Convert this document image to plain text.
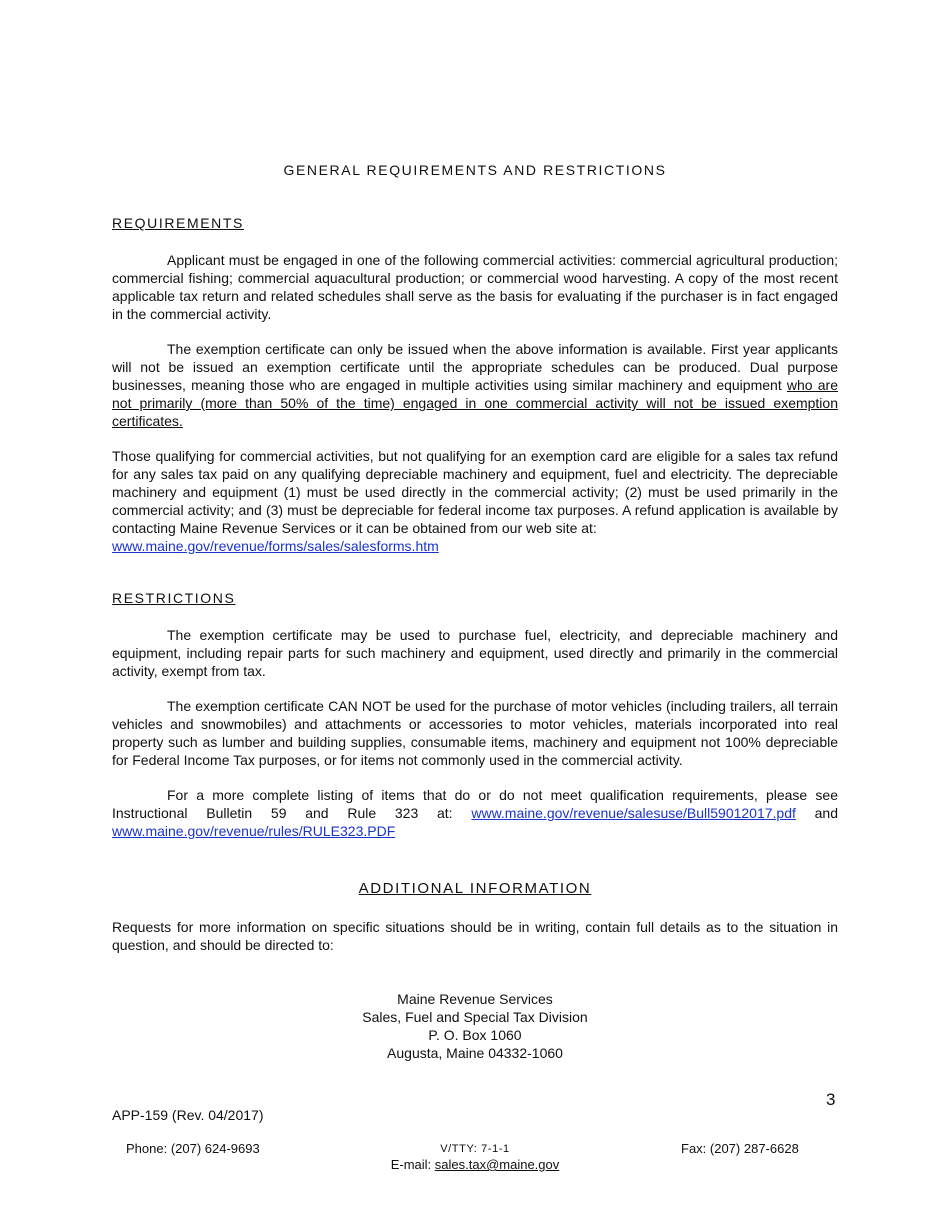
GENERAL REQUIREMENTS AND RESTRICTIONS
REQUIREMENTS

Applicant must be engaged in one of the following commercial activities: commercial agricultural production; commercial fishing; commercial aquacultural production; or commercial wood harvesting. A copy of the most recent applicable tax return and related schedules shall serve as the basis for evaluating if the purchaser is in fact engaged in the commercial activity.

The exemption certificate can only be issued when the above information is available. First year applicants will not be issued an exemption certificate until the appropriate schedules can be produced. Dual purpose businesses, meaning those who are engaged in multiple activities using similar machinery and equipment who are not primarily (more than 50% of the time) engaged in one commercial activity will not be issued exemption certificates.

Those qualifying for commercial activities, but not qualifying for an exemption card are eligible for a sales tax refund for any sales tax paid on any qualifying depreciable machinery and equipment, fuel and electricity. The depreciable machinery and equipment (1) must be used directly in the commercial activity; (2) must be used primarily in the commercial activity; and (3) must be depreciable for federal income tax purposes. A refund application is available by contacting Maine Revenue Services or it can be obtained from our web site at:
www.maine.gov/revenue/forms/sales/salesforms.htm

RESTRICTIONS

The exemption certificate may be used to purchase fuel, electricity, and depreciable machinery and equipment, including repair parts for such machinery and equipment, used directly and primarily in the commercial activity, exempt from tax.

The exemption certificate CAN NOT be used for the purchase of motor vehicles (including trailers, all terrain vehicles and snowmobiles) and attachments or accessories to motor vehicles, materials incorporated into real property such as lumber and building supplies, consumable items, machinery and equipment not 100% depreciable for Federal Income Tax purposes, or for items not commonly used in the commercial activity.

For a more complete listing of items that do or do not meet qualification requirements, please see Instructional Bulletin 59 and Rule 323 at: www.maine.gov/revenue/salesuse/Bull59012017.pdf and www.maine.gov/revenue/rules/RULE323.PDF

ADDITIONAL INFORMATION

Requests for more information on specific situations should be in writing, contain full details as to the situation in question, and should be directed to:

Maine Revenue Services
Sales, Fuel and Special Tax Division
P. O. Box 1060
Augusta, Maine 04332-1060
3
APP-159 (Rev. 04/2017)
Phone: (207) 624-9693	V/TTY: 7-1-1	Fax: (207) 287-6628
E-mail: sales.tax@maine.gov
